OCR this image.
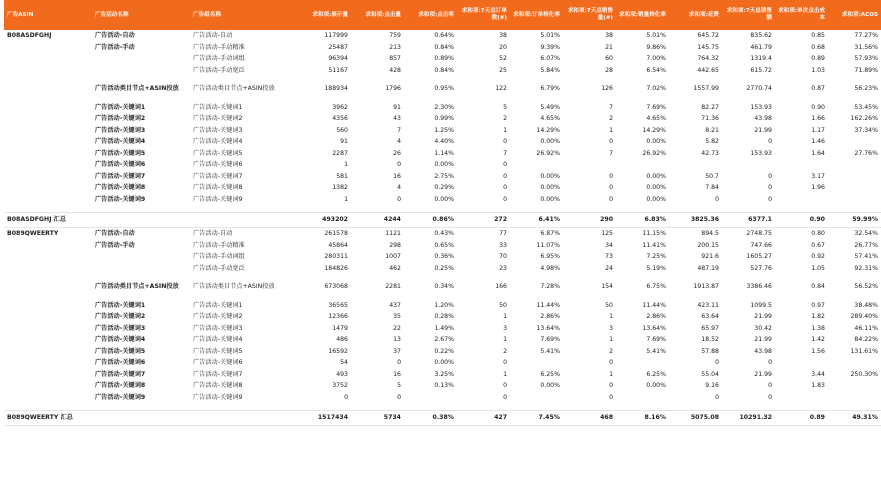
广告ASIN	广告活动名称	广告组名称	求和项:展示量	求和项:点击量	求和项:点击率	求和项:7天总订单数(#)	求和项:订单转化率	求和项:7天总销售量(#)	求和项:销量转化率	求和项:花费	求和项:7天总销售额	求和项:单次点击成本	求和项:ACOS
B08ASDFGHJ	广告活动-自动	广告活动-自动	117999	759	0.64%	38	5.01%	38	5.01%	645.72	835.62	0.85	77.27%
	广告活动-手动	广告活动-手动精准	25487	213	0.84%	20	9.39%	21	9.86%	145.75	461.79	0.68	31.56%
		广告活动-手动词组	96394	857	0.89%	52	6.07%	60	7.00%	764.32	1319.4	0.89	57.93%
		广告活动-手动宽泛	51167	428	0.84%	25	5.84%	28	6.54%	442.65	615.72	1.03	71.89%

	广告活动类目节点+ASIN投放	广告活动类目节点+ASIN投放	188934	1796	0.95%	122	6.79%	126	7.02%	1557.99	2770.74	0.87	56.23%

	广告活动-关键词1	广告活动-关键词1	3962	91	2.30%	5	5.49%	7	7.69%	82.27	153.93	0.90	53.45%
	广告活动-关键词2	广告活动-关键词2	4356	43	0.99%	2	4.65%	2	4.65%	71.36	43.98	1.66	162.26%
	广告活动-关键词3	广告活动-关键词3	560	7	1.25%	1	14.29%	1	14.29%	8.21	21.99	1.17	37.34%
	广告活动-关键词4	广告活动-关键词4	91	4	4.40%	0	0.00%	0	0.00%	5.82	0	1.46	
	广告活动-关键词5	广告活动-关键词5	2287	26	1.14%	7	26.92%	7	26.92%	42.73	153.93	1.64	27.76%
	广告活动-关键词6	广告活动-关键词6	1	0	0.00%	0							
	广告活动-关键词7	广告活动-关键词7	581	16	2.75%	0	0.00%	0	0.00%	50.7	0	3.17	
	广告活动-关键词8	广告活动-关键词8	1382	4	0.29%	0	0.00%	0	0.00%	7.84	0	1.96	
	广告活动-关键词9	广告活动-关键词9	1	0	0.00%	0	0.00%	0	0.00%	0	0		

B08ASDFGHJ 汇总			493202	4244	0.86%	272	6.41%	290	6.83%	3825.36	6377.1	0.90	59.99%
B089QWEERTY	广告活动-自动	广告活动-自动	261578	1121	0.43%	77	6.87%	125	11.15%	894.5	2748.75	0.80	32.54%
	广告活动-手动	广告活动-手动精准	45864	298	0.65%	33	11.07%	34	11.41%	200.15	747.66	0.67	26.77%
		广告活动-手动词组	280311	1007	0.36%	70	6.95%	73	7.25%	921.6	1605.27	0.92	57.41%
		广告活动-手动宽泛	184826	462	0.25%	23	4.98%	24	5.19%	487.19	527.76	1.05	92.31%

	广告活动类目节点+ASIN投放	广告活动类目节点+ASIN投放	673068	2281	0.34%	166	7.28%	154	6.75%	1913.87	3386.46	0.84	56.52%

	广告活动-关键词1	广告活动-关键词1	36565	437	1.20%	50	11.44%	50	11.44%	423.11	1099.5	0.97	38.48%
	广告活动-关键词2	广告活动-关键词2	12366	35	0.28%	1	2.86%	1	2.86%	63.64	21.99	1.82	289.40%
	广告活动-关键词3	广告活动-关键词3	1479	22	1.49%	3	13.64%	3	13.64%	65.97	30.42	1.38	46.11%
	广告活动-关键词4	广告活动-关键词4	486	13	2.67%	1	7.69%	1	7.69%	18.52	21.99	1.42	84.22%
	广告活动-关键词5	广告活动-关键词5	16592	37	0.22%	2	5.41%	2	5.41%	57.88	43.98	1.56	131.61%
	广告活动-关键词6	广告活动-关键词6	54	0	0.00%	0		0		0	0		
	广告活动-关键词7	广告活动-关键词7	493	16	3.25%	1	6.25%	1	6.25%	55.04	21.99	3.44	250.30%
	广告活动-关键词8	广告活动-关键词8	3752	5	0.13%	0	0.00%	0	0.00%	9.16	0	1.83	
	广告活动-关键词9	广告活动-关键词9	0	0		0		0		0	0		

B089QWEERTY 汇总			1517434	5734	0.38%	427	7.45%	468	8.16%	5075.08	10291.32	0.89	49.31%
